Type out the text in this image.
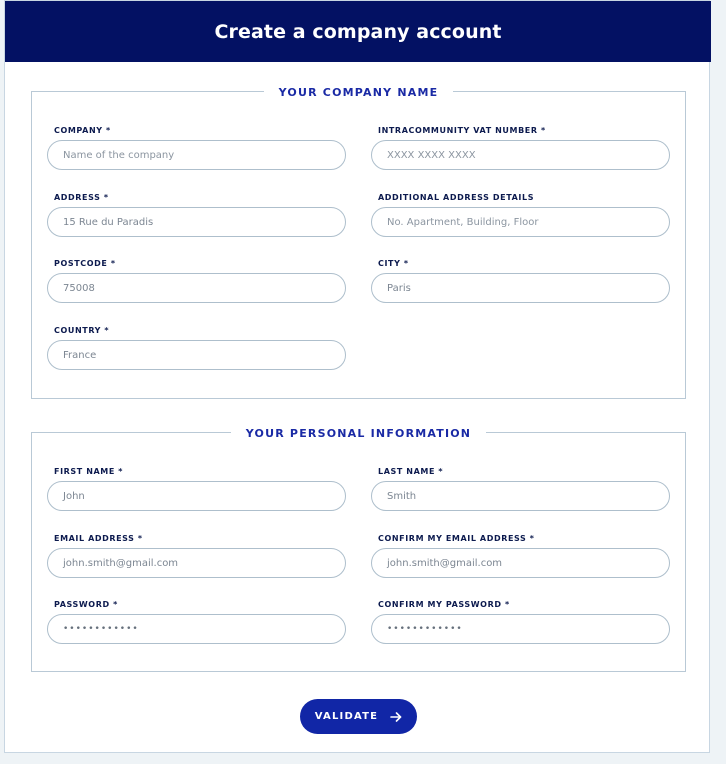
Create a company account
YOUR COMPANY NAME
COMPANY *
Name of the company
INTRACOMMUNITY VAT NUMBER *
XXXX XXXX XXXX
ADDRESS *
15 Rue du Paradis
ADDITIONAL ADDRESS DETAILS
No. Apartment, Building, Floor
POSTCODE *
75008
CITY *
Paris
COUNTRY *
France
YOUR PERSONAL INFORMATION
FIRST NAME *
John
LAST NAME *
Smith
EMAIL ADDRESS *
john.smith@gmail.com
CONFIRM MY EMAIL ADDRESS *
john.smith@gmail.com
PASSWORD *
••••••••••••
CONFIRM MY PASSWORD *
••••••••••••
VALIDATE
